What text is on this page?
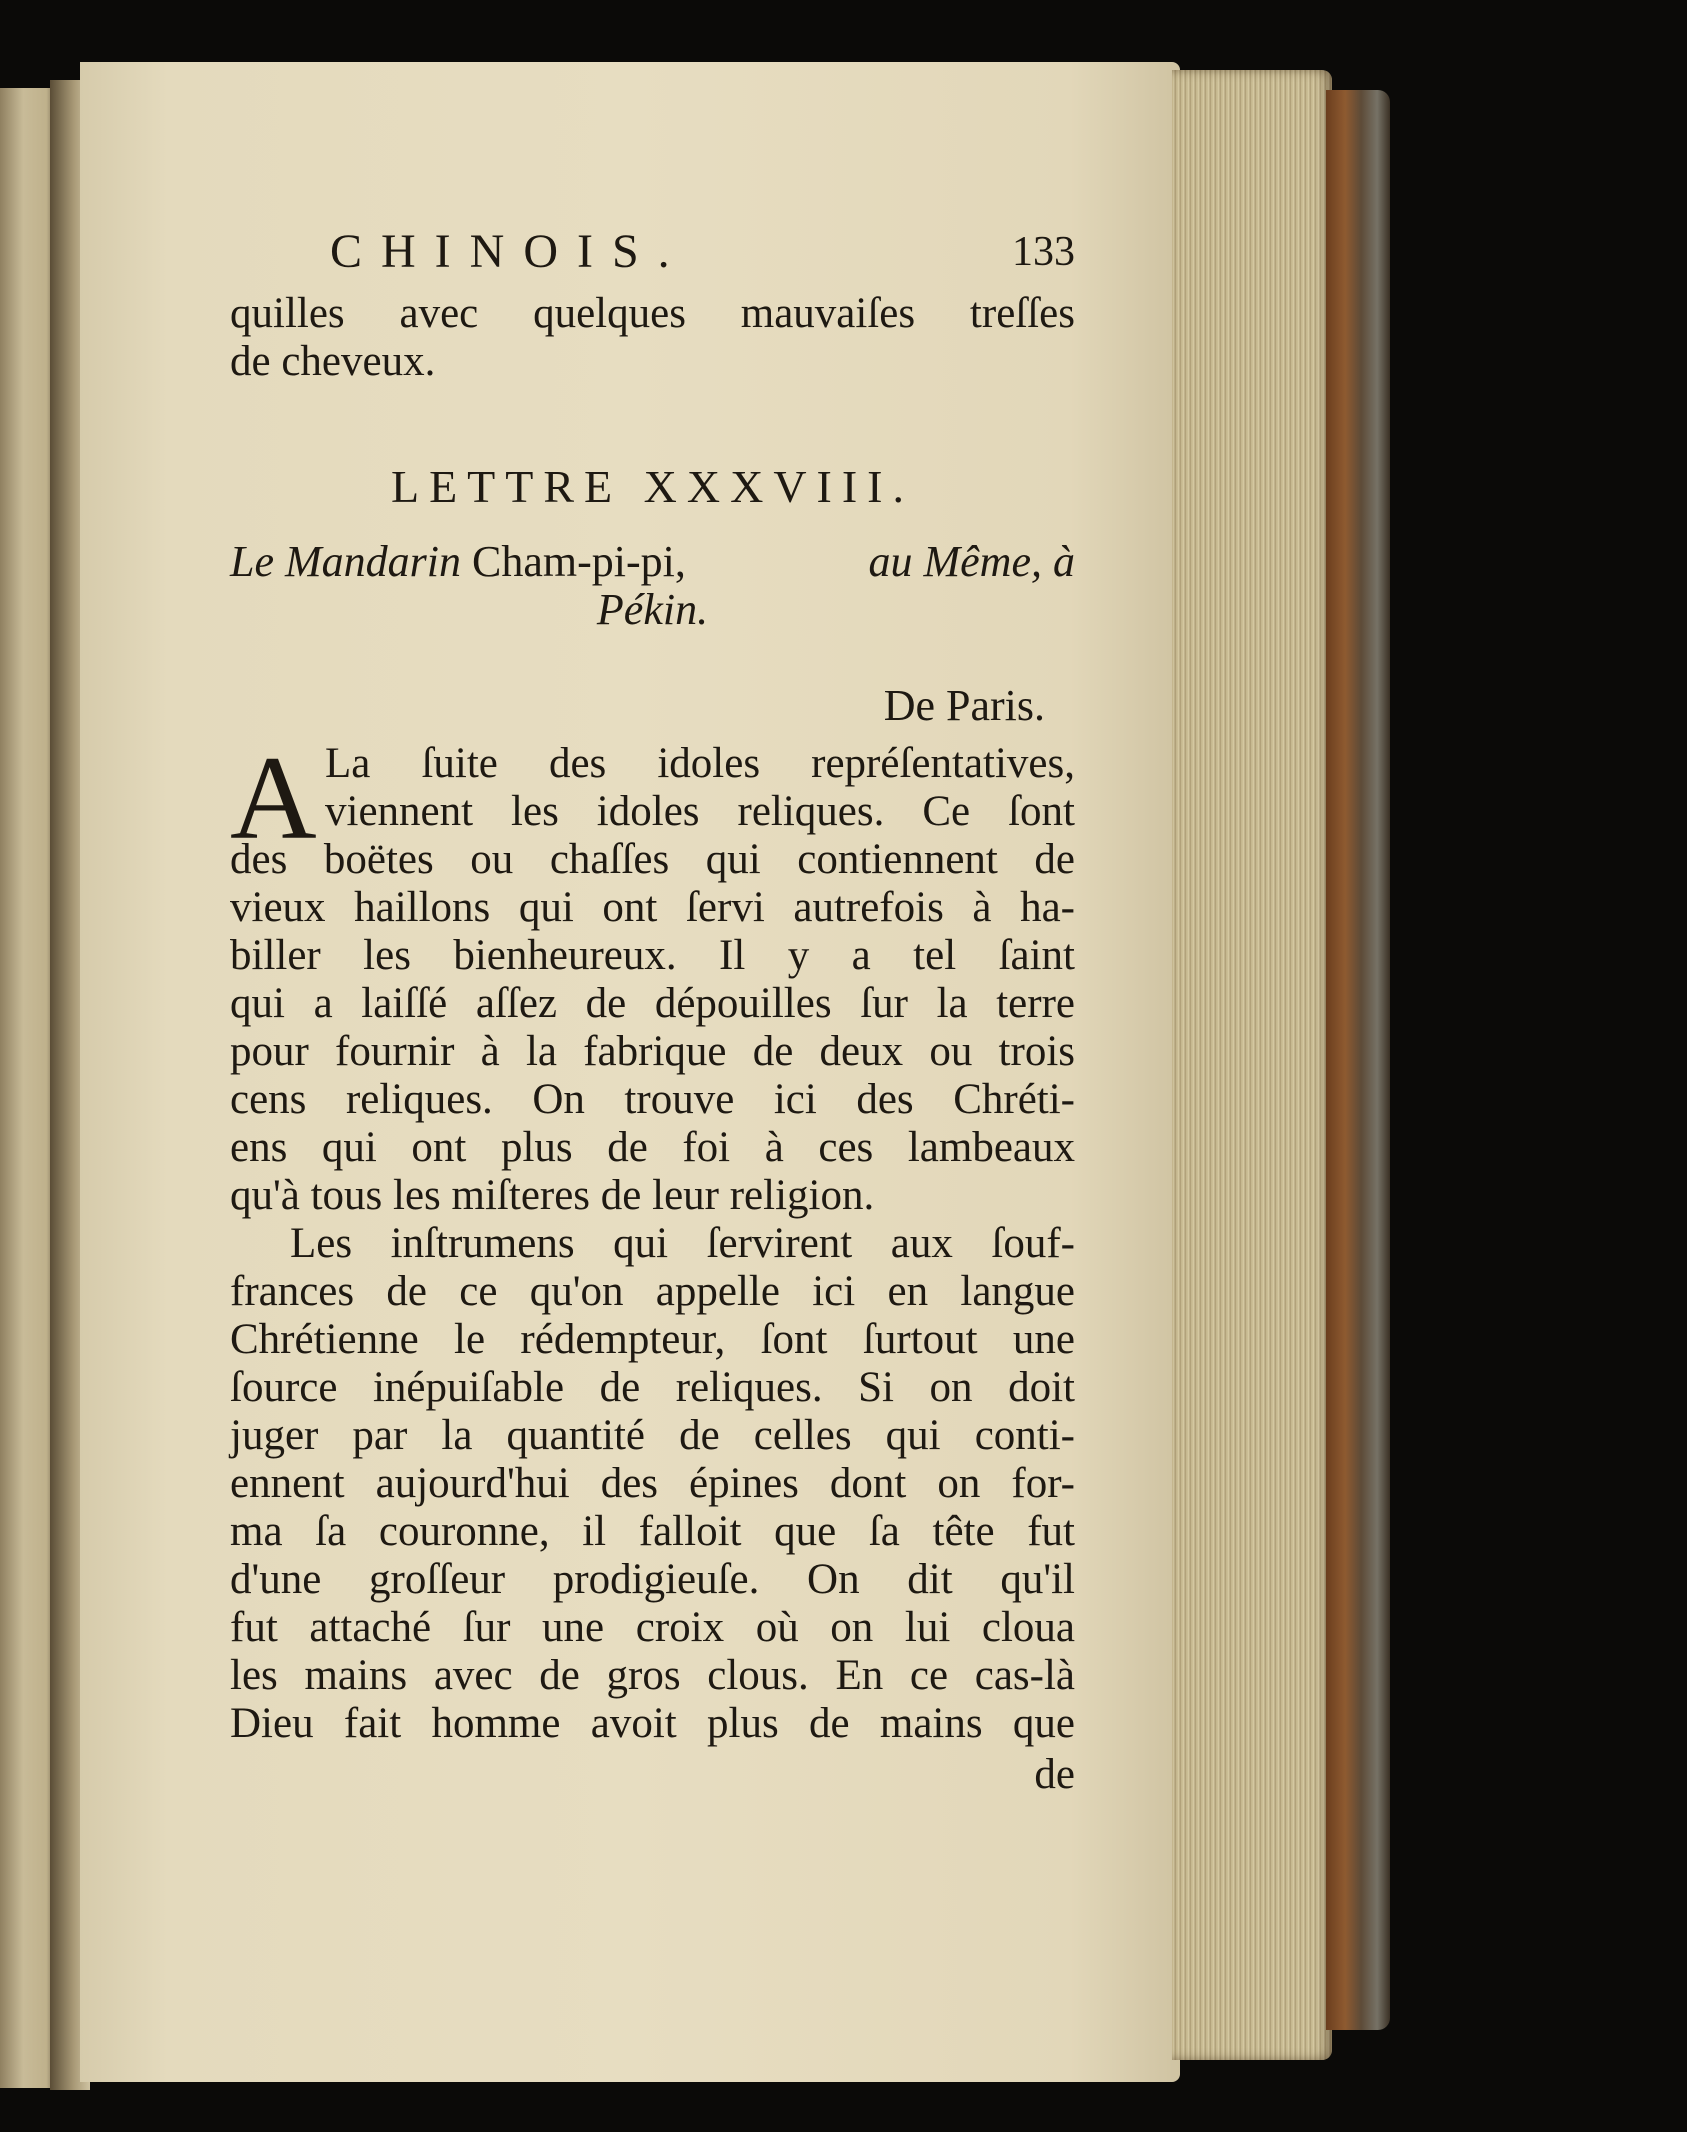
CHINOIS.	133
quilles avec quelques mauvaiſes treſſes
de cheveux.
LETTRE XXXVIII.
Le Mandarin Cham-pi-pi,	au Même, à
Pékin.
De Paris.
A La ſuite des idoles repréſentatives,
viennent les idoles reliques. Ce ſont
des boëtes ou chaſſes qui contiennent de
vieux haillons qui ont ſervi autrefois à ha-
biller les bienheureux. Il y a tel ſaint
qui a laiſſé aſſez de dépouilles ſur la terre
pour fournir à la fabrique de deux ou trois
cens reliques. On trouve ici des Chréti-
ens qui ont plus de foi à ces lambeaux
qu'à tous les miſteres de leur religion.
Les inſtrumens qui ſervirent aux ſouf-
frances de ce qu'on appelle ici en langue
Chrétienne le rédempteur, ſont ſurtout une
ſource inépuiſable de reliques. Si on doit
juger par la quantité de celles qui conti-
ennent aujourd'hui des épines dont on for-
ma ſa couronne, il falloit que ſa tête fut
d'une groſſeur prodigieuſe. On dit qu'il
fut attaché ſur une croix où on lui cloua
les mains avec de gros clous. En ce cas-là
Dieu fait homme avoit plus de mains que
de
